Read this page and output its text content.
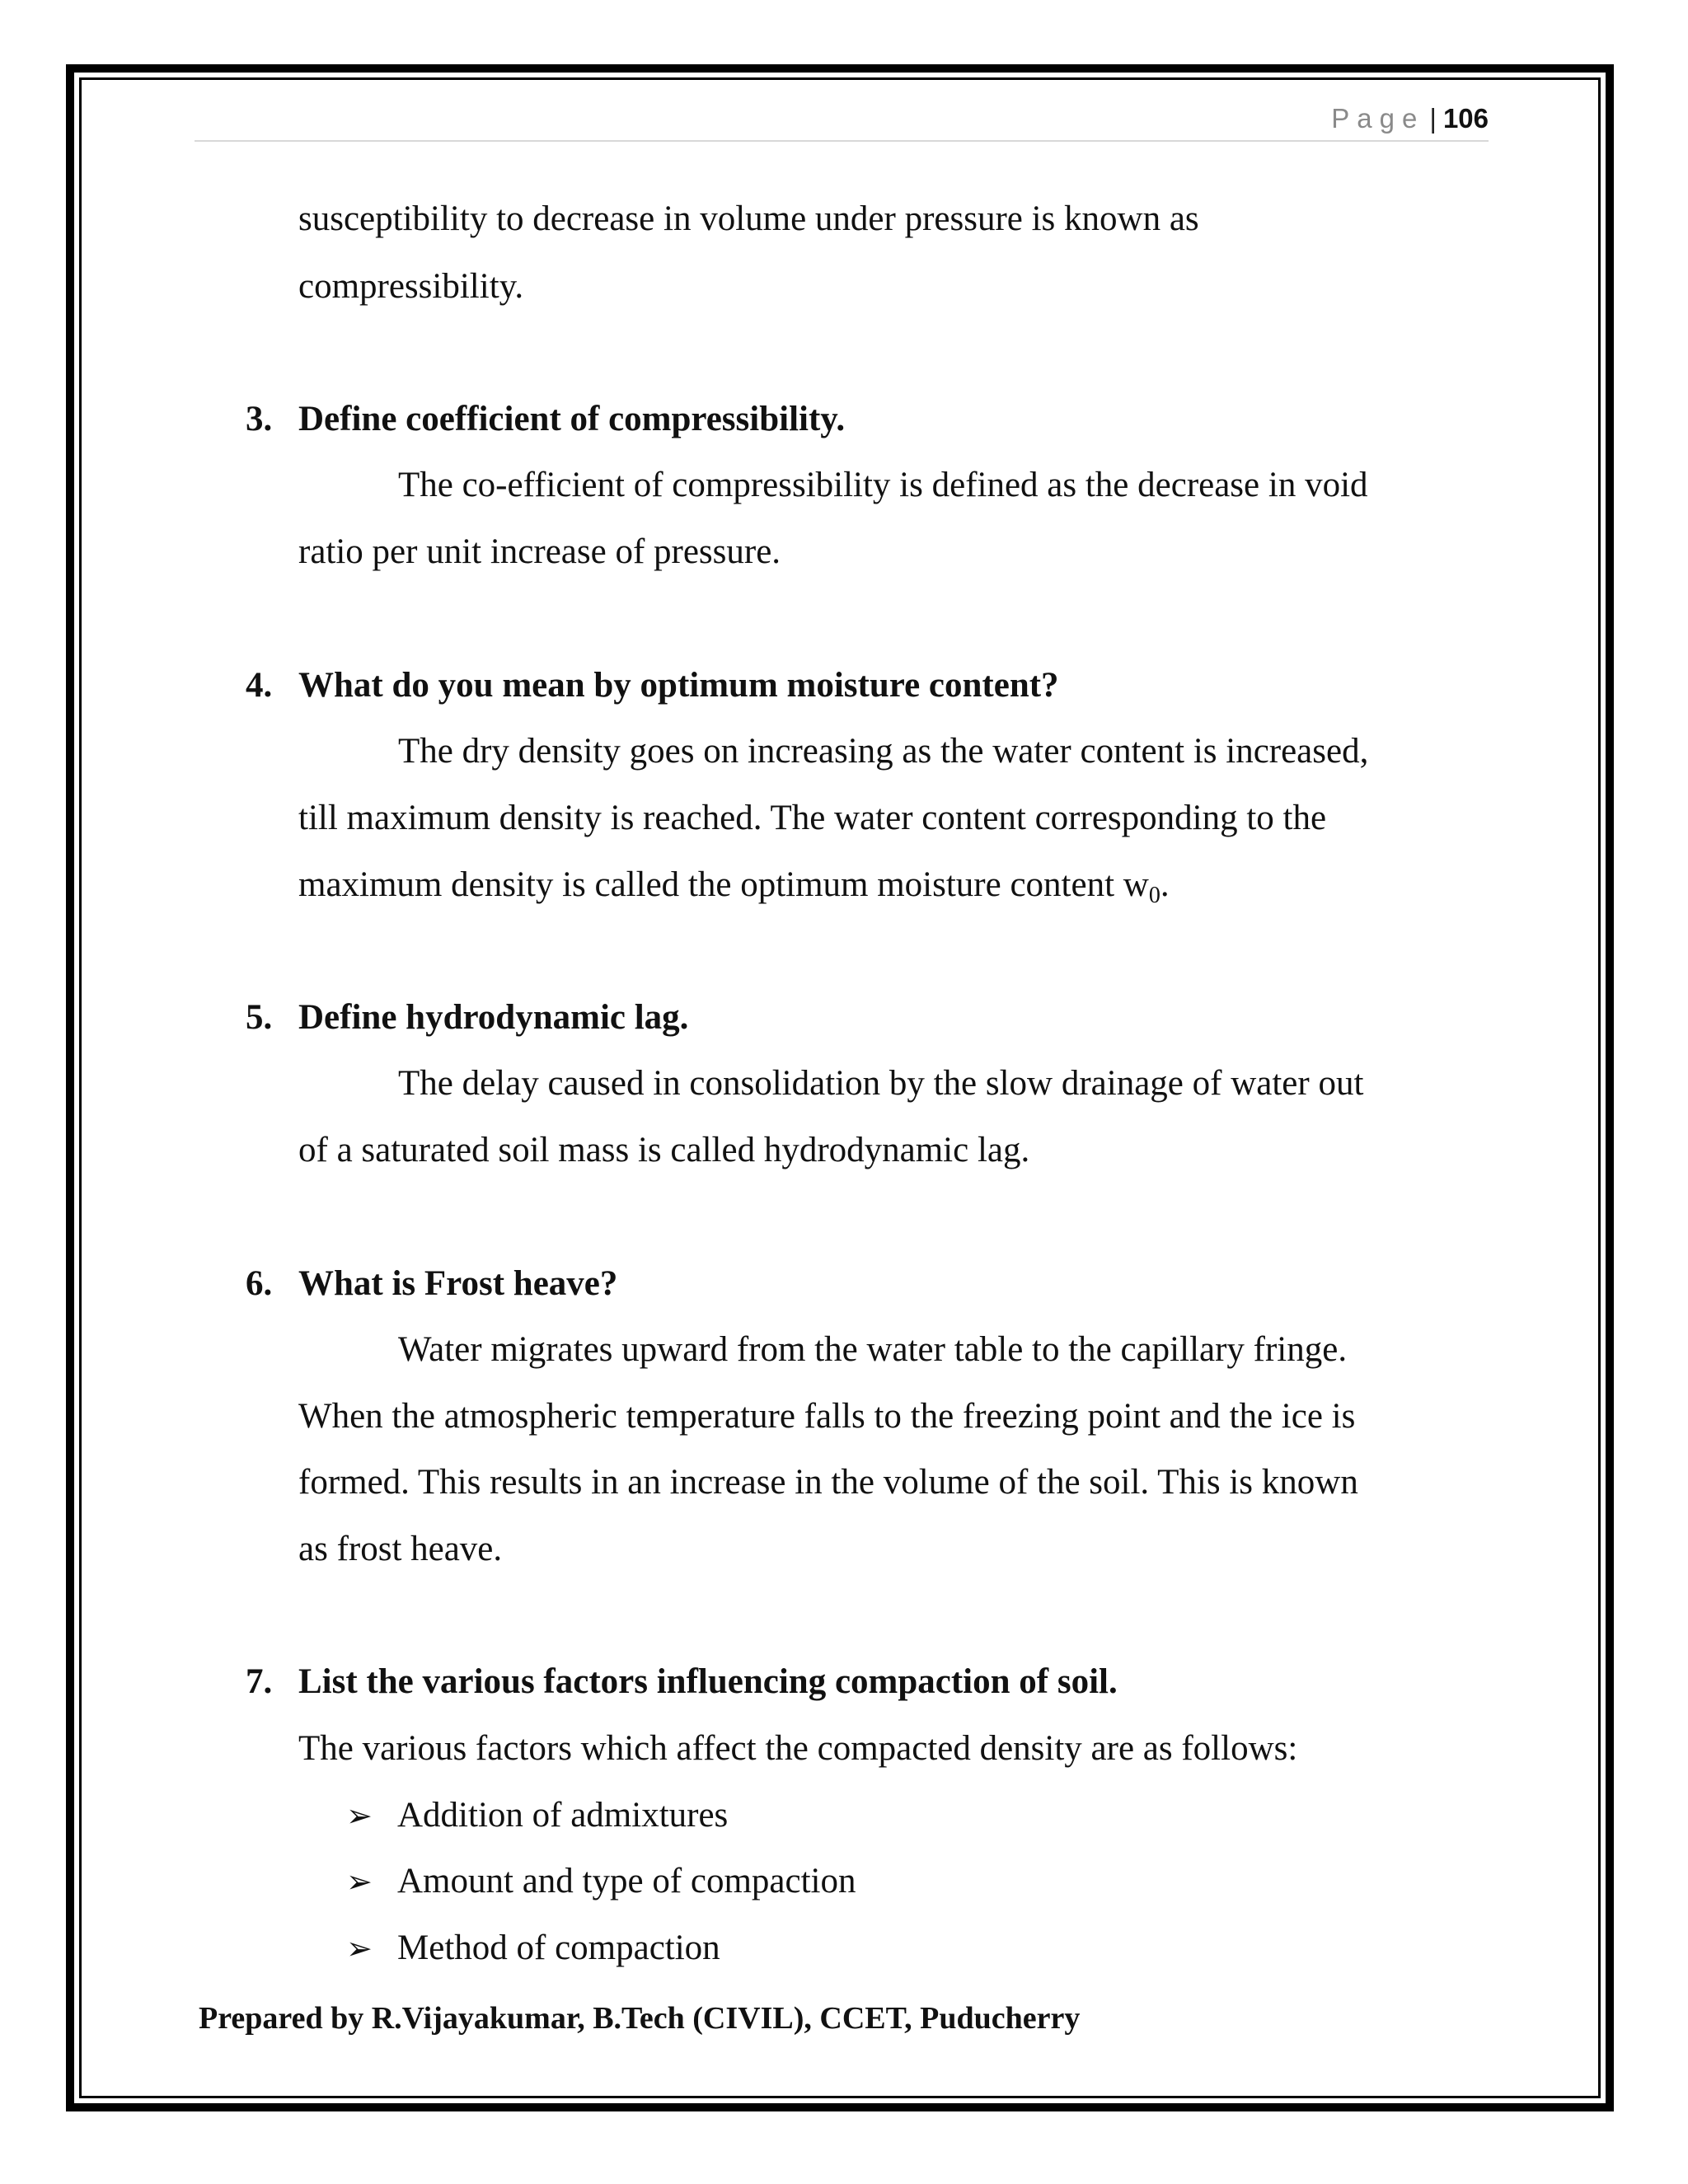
Page | 106
susceptibility to decrease in volume under pressure is known as
compressibility.
3. Define coefficient of compressibility.
The co-efficient of compressibility is defined as the decrease in void
ratio per unit increase of pressure.
4. What do you mean by optimum moisture content?
The dry density goes on increasing as the water content is increased,
till maximum density is reached. The water content corresponding to the
maximum density is called the optimum moisture content $w_0$.
5. Define hydrodynamic lag.
The delay caused in consolidation by the slow drainage of water out
of a saturated soil mass is called hydrodynamic lag.
6. What is Frost heave?
Water migrates upward from the water table to the capillary fringe.
When the atmospheric temperature falls to the freezing point and the ice is
formed. This results in an increase in the volume of the soil. This is known
as frost heave.
7. List the various factors influencing compaction of soil.
The various factors which affect the compacted density are as follows:
➢ Addition of admixtures
➢ Amount and type of compaction
➢ Method of compaction
Prepared by R.Vijayakumar, B.Tech (CIVIL), CCET, Puducherry
